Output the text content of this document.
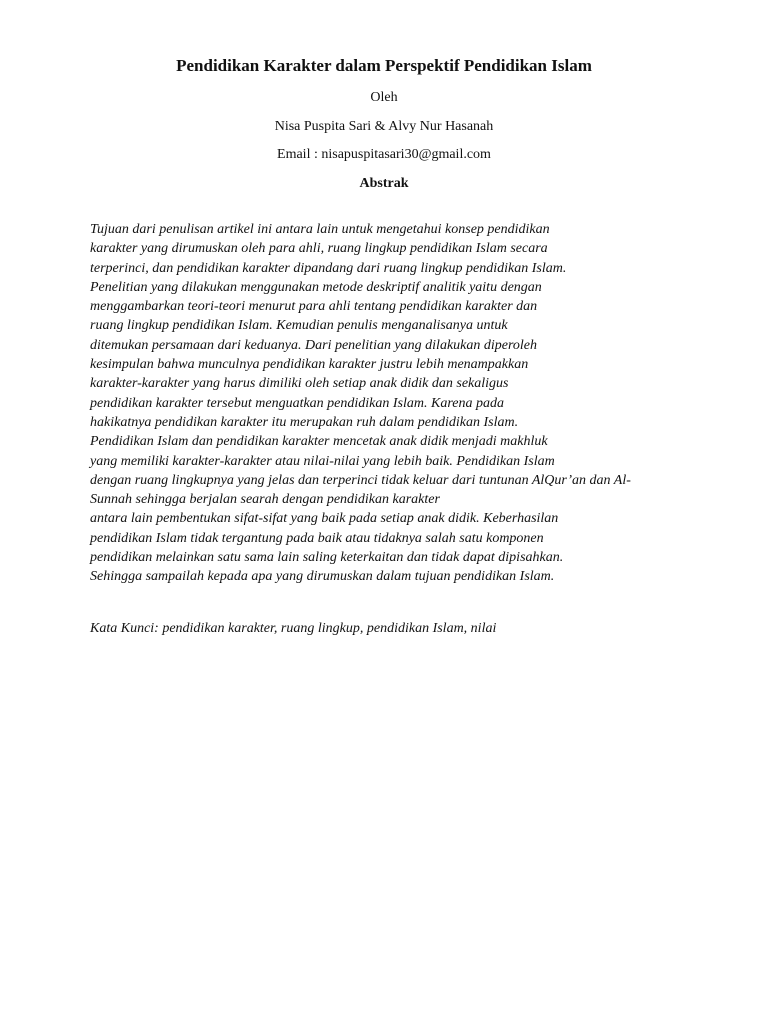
Pendidikan Karakter dalam Perspektif Pendidikan Islam
Oleh
Nisa Puspita Sari & Alvy Nur Hasanah
Email : nisapuspitasari30@gmail.com
Abstrak
Tujuan dari penulisan artikel ini antara lain untuk mengetahui konsep pendidikan
karakter yang dirumuskan oleh para ahli, ruang lingkup pendidikan Islam secara
terperinci, dan pendidikan karakter dipandang dari ruang lingkup pendidikan Islam.
Penelitian yang dilakukan menggunakan metode deskriptif analitik yaitu dengan
menggambarkan teori-teori menurut para ahli tentang pendidikan karakter dan
ruang lingkup pendidikan Islam. Kemudian penulis menganalisanya untuk
ditemukan persamaan dari keduanya. Dari penelitian yang dilakukan diperoleh
kesimpulan bahwa munculnya pendidikan karakter justru lebih menampakkan
karakter-karakter yang harus dimiliki oleh setiap anak didik dan sekaligus
pendidikan karakter tersebut menguatkan pendidikan Islam. Karena pada
hakikatnya pendidikan karakter itu merupakan ruh dalam pendidikan Islam.
Pendidikan Islam dan pendidikan karakter mencetak anak didik menjadi makhluk
yang memiliki karakter-karakter atau nilai-nilai yang lebih baik. Pendidikan Islam
dengan ruang lingkupnya yang jelas dan terperinci tidak keluar dari tuntunan AlQur’an dan Al-
Sunnah sehingga berjalan searah dengan pendidikan karakter
antara lain pembentukan sifat-sifat yang baik pada setiap anak didik. Keberhasilan
pendidikan Islam tidak tergantung pada baik atau tidaknya salah satu komponen
pendidikan melainkan satu sama lain saling keterkaitan dan tidak dapat dipisahkan.
Sehingga sampailah kepada apa yang dirumuskan dalam tujuan pendidikan Islam.
Kata Kunci: pendidikan karakter, ruang lingkup, pendidikan Islam, nilai
